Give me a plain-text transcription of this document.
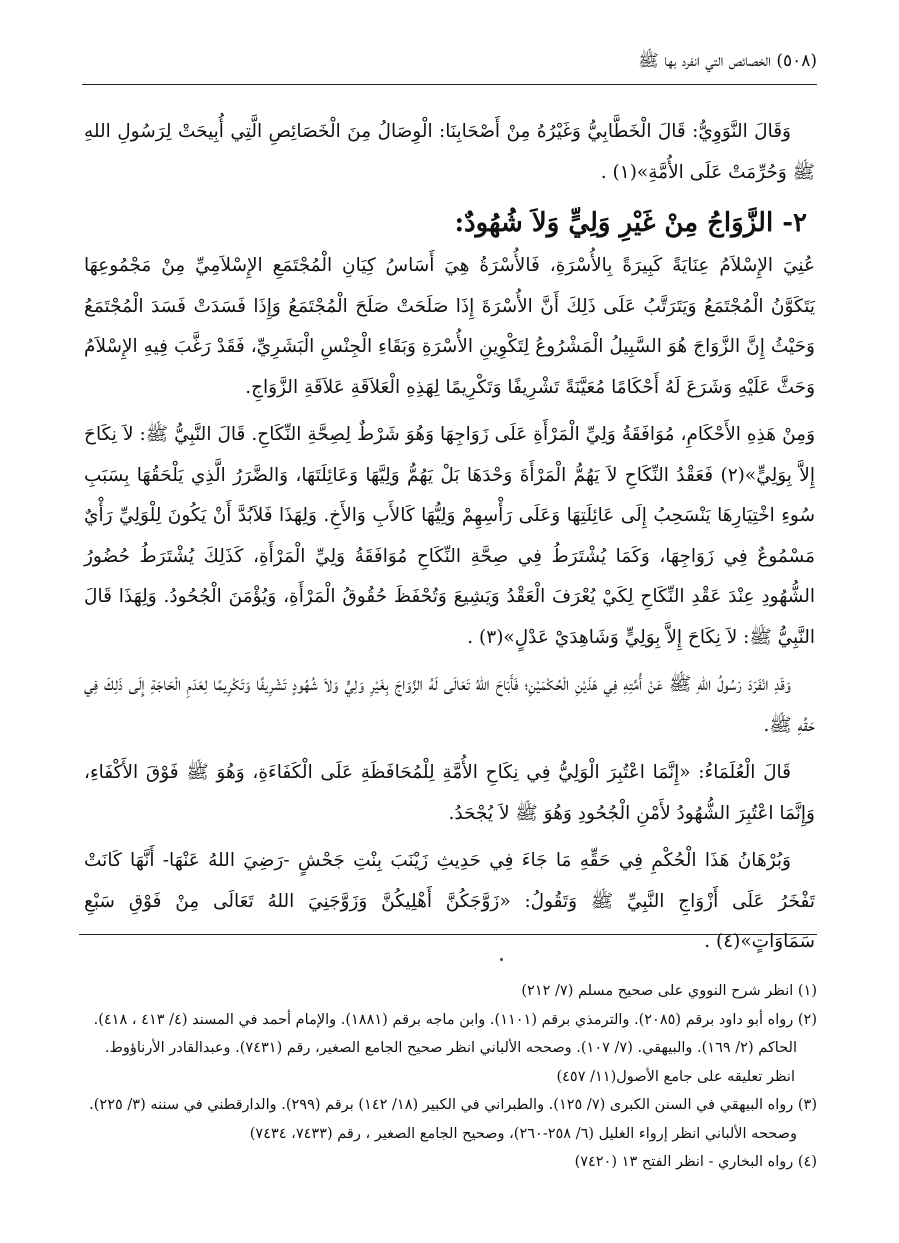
(٥٠٨) الخصائص التي انفرد بها ﷺ

وَقَالَ النَّوَوِيُّ: قَالَ الْخَطَّابِيُّ وَغَيْرُهُ مِنْ أَصْحَابِنَا: الْوِصَالُ مِنَ الْخَصَائِصِ الَّتِي أُبِيحَتْ لِرَسُولِ اللهِ ﷺ وَحُرِّمَتْ عَلَى الأُمَّةِ»(١) .

٢- الزَّوَاجُ مِنْ غَيْرِ وَلِيٍّ وَلاَ شُهُودٌ:

عُنِيَ الإِسْلاَمُ عِنَايَةً كَبِيرَةً بِالأُسْرَةِ، فَالأُسْرَةُ هِيَ أَسَاسُ كِيَانِ الْمُجْتَمَعِ الإِسْلاَمِيِّ مِنْ مَجْمُوعِهَا يَتَكَوَّنُ الْمُجْتَمَعُ وَيَتَرَتَّبُ عَلَى ذَلِكَ أَنَّ الأُسْرَةَ إِذَا صَلَحَتْ صَلَحَ الْمُجْتَمَعُ وَإِذَا فَسَدَتْ فَسَدَ الْمُجْتَمَعُ وَحَيْثُ إِنَّ الزَّوَاجَ هُوَ السَّبِيلُ الْمَشْرُوعُ لِتَكْوِينِ الأُسْرَةِ وَبَقَاءِ الْجِنْسِ الْبَشَرِيِّ، فَقَدْ رَغَّبَ فِيهِ الإِسْلاَمُ وَحَثَّ عَلَيْهِ وَشَرَعَ لَهُ أَحْكَامًا مُعَيَّنَةً تَشْرِيفًا وَتَكْرِيمًا لِهَذِهِ الْعَلاَقَةِ عَلاَقَةِ الزَّوَاجِ.

وَمِنْ هَذِهِ الأَحْكَامِ، مُوَافَقَةُ وَلِيِّ الْمَرْأَةِ عَلَى زَوَاجِهَا وَهُوَ شَرْطٌ لِصِحَّةِ النِّكَاحِ. قَالَ النَّبِيُّ ﷺ: لاَ نِكَاحَ إِلاَّ بِوَلِيٍّ»(٢) فَعَقْدُ النِّكَاحِ لاَ يَهُمُّ الْمَرْأَةَ وَحْدَهَا بَلْ يَهُمُّ وَلِيَّهَا وَعَائِلَتَهَا، وَالضَّرَرُ الَّذِي يَلْحَقُهَا بِسَبَبِ سُوءِ اخْتِيَارِهَا يَنْسَحِبُ إِلَى عَائِلَتِهَا وَعَلَى رَأْسِهِمْ وَلِيُّهَا كَالأَبِ وَالأَخِ. وَلِهَذَا فَلاَبُدَّ أَنْ يَكُونَ لِلْوَلِيِّ رَأْيٌ مَسْمُوعٌ فِي زَوَاجِهَا، وَكَمَا يُشْتَرَطُ فِي صِحَّةِ النِّكَاحِ مُوَافَقَةُ وَلِيِّ الْمَرْأَةِ، كَذَلِكَ يُشْتَرَطُ حُضُورُ الشُّهُودِ عِنْدَ عَقْدِ النِّكَاحِ لِكَيْ يُعْرَفَ الْعَقْدُ وَيَشِيعَ وَتُحْفَظَ حُقُوقُ الْمَرْأَةِ، وَيُؤْمَنَ الْجُحُودُ. وَلِهَذَا قَالَ النَّبِيُّ ﷺ: لاَ نِكَاحَ إِلاَّ بِوَلِيٍّ وَشَاهِدَيْ عَدْلٍ»(٣) .

وَقَدِ انْفَرَدَ رَسُولُ اللهِ ﷺ عَنْ أُمَّتِهِ فِي هَذَيْنِ الْحُكْمَيْنِ؛ فَأَبَاحَ اللهُ تَعَالَى لَهُ الزَّوَاجَ بِغَيْرِ وَلِيٍّ وَلاَ شُهُودٍ تَشْرِيفًا وَتَكْرِيمًا لِعَدَمِ الْحَاجَةِ إِلَى ذَلِكَ فِي حَقِّهِ ﷺ.

قَالَ الْعُلَمَاءُ: «إِنَّمَا اعْتُبِرَ الْوَلِيُّ فِي نِكَاحِ الأُمَّةِ لِلْمُحَافَظَةِ عَلَى الْكَفَاءَةِ، وَهُوَ ﷺ فَوْقَ الأَكْفَاءِ، وَإِنَّمَا اعْتُبِرَ الشُّهُودُ لأَمْنِ الْجُحُودِ وَهُوَ ﷺ لاَ يُجْحَدُ.

وَبُرْهَانُ هَذَا الْحُكْمِ فِي حَقِّهِ مَا جَاءَ فِي حَدِيثِ زَيْنَبَ بِنْتِ جَحْشٍ -رَضِيَ اللهُ عَنْهَا- أَنَّهَا كَانَتْ تَفْخَرُ عَلَى أَزْوَاجِ النَّبِيِّ ﷺ وَتَقُولُ: «زَوَّجَكُنَّ أَهْلِيكُنَّ وَزَوَّجَنِيَ اللهُ تَعَالَى مِنْ فَوْقِ سَبْعِ سَمَاوَاتٍ»(٤) .

(١) انظر شرح النووي على صحيح مسلم (٧/ ٢١٢)

(٢) رواه أبو داود برقم (٢٠٨٥). والترمذي برقم (١١٠١). وابن ماجه برقم (١٨٨١). والإمام أحمد في المسند (٤/ ٤١٣ ، ٤١٨).

الحاكم (٢/ ١٦٩). والبيهقي. (٧/ ١٠٧). وصححه الألباني انظر صحيح الجامع الصغير، رقم (٧٤٣١). وعبدالقادر الأرناؤوط.

انظر تعليقه على جامع الأصول(١١/ ٤٥٧)

(٣) رواه البيهقي في السنن الكبرى (٧/ ١٢٥). والطبراني في الكبير (١٨/ ١٤٢) برقم (٢٩٩). والدارقطني في سننه (٣/ ٢٢٥).

وصححه الألباني انظر إرواء الغليل (٦/ ٢٥٨-٢٦٠)، وصحيح الجامع الصغير ، رقم (٧٤٣٣، ٧٤٣٤)

(٤) رواه البخاري - انظر الفتح ١٣ (٧٤٢٠)
